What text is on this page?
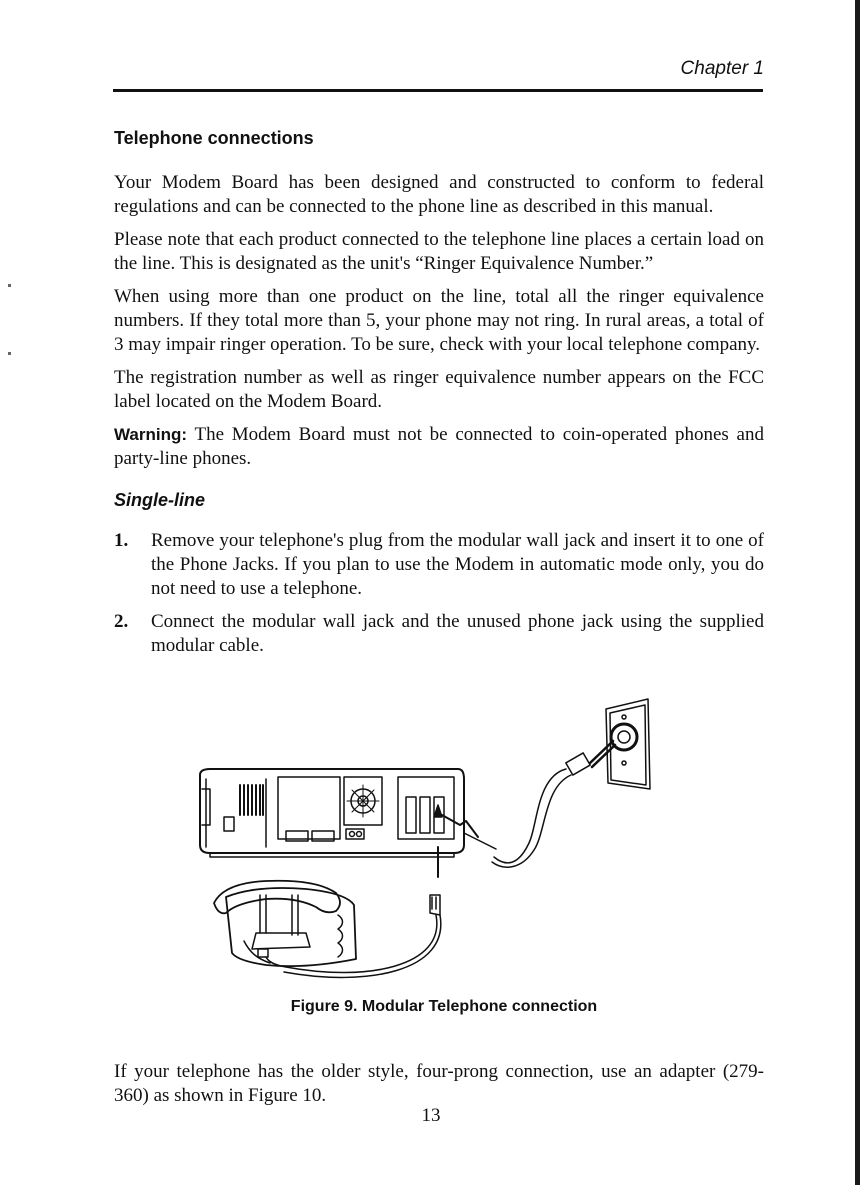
Chapter 1
Telephone connections

Your Modem Board has been designed and constructed to conform to federal regulations and can be connected to the phone line as described in this manual.

Please note that each product connected to the telephone line places a certain load on the line. This is designated as the unit's “Ringer Equivalence Number.”

When using more than one product on the line, total all the ringer equivalence numbers. If they total more than 5, your phone may not ring. In rural areas, a total of 3 may impair ringer operation. To be sure, check with your local telephone company.

The registration number as well as ringer equivalence number appears on the FCC label located on the Modem Board.

Warning: The Modem Board must not be connected to coin-operated phones and party-line phones.

Single-line
1. Remove your telephone's plug from the modular wall jack and insert it to one of the Phone Jacks. If you plan to use the Modem in automatic mode only, you do not need to use a telephone.
2. Connect the modular wall jack and the unused phone jack using the supplied modular cable.
Figure 9. Modular Telephone connection

If your telephone has the older style, four-prong connection, use an adapter (279-360) as shown in Figure 10.

13
